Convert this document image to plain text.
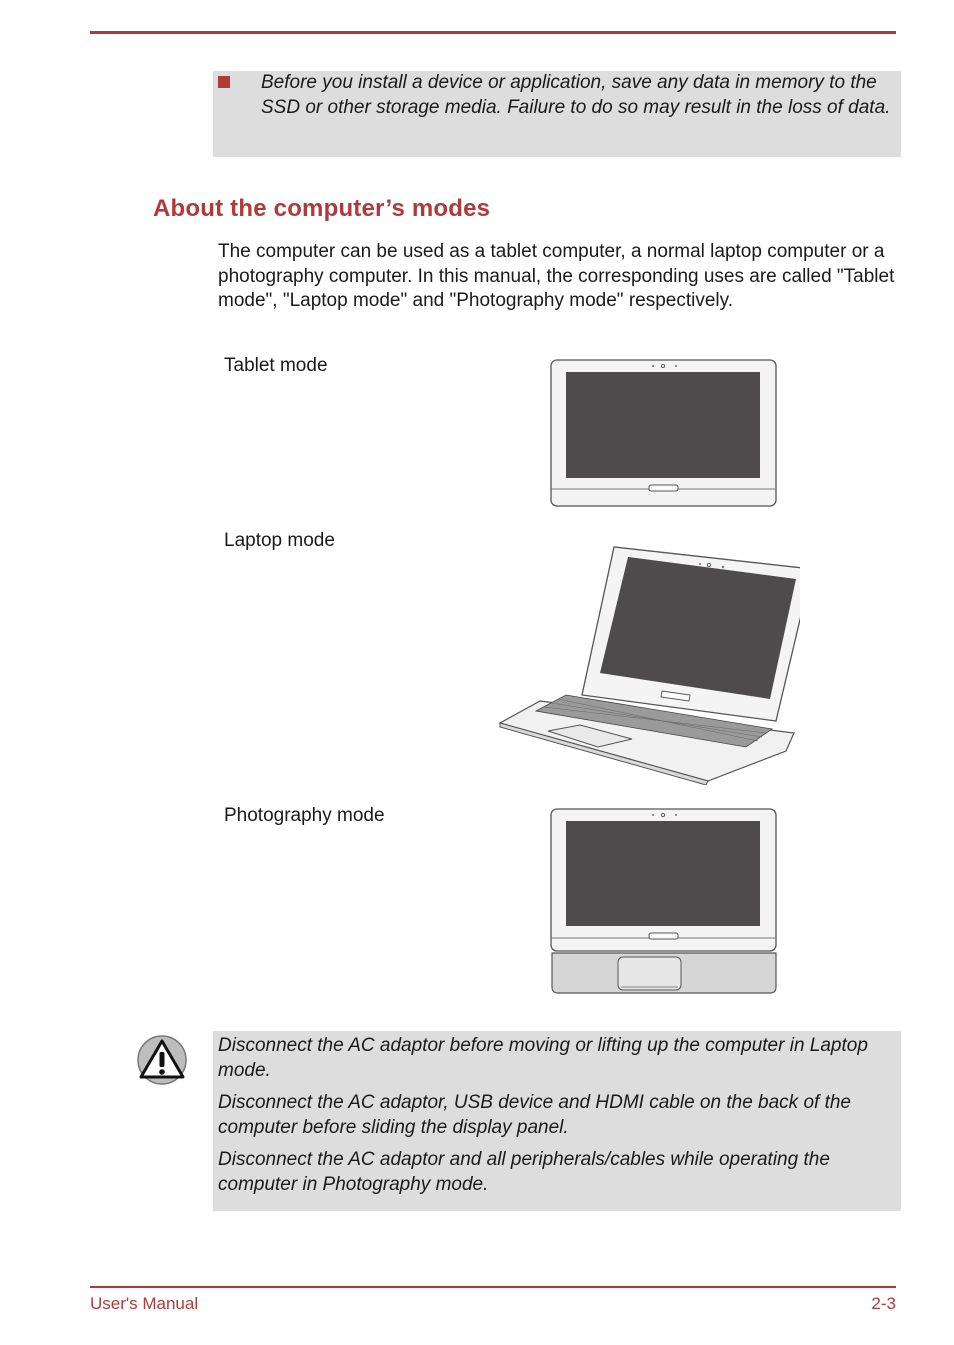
Before you install a device or application, save any data in memory to the SSD or other storage media. Failure to do so may result in the loss of data.
About the computer’s modes

The computer can be used as a tablet computer, a normal laptop computer or a photography computer. In this manual, the corresponding uses are called "Tablet mode", "Laptop mode" and "Photography mode" respectively.

Tablet mode
Laptop mode
Photography mode

Disconnect the AC adaptor before moving or lifting up the computer in Laptop mode.

Disconnect the AC adaptor, USB device and HDMI cable on the back of the computer before sliding the display panel.

Disconnect the AC adaptor and all peripherals/cables while operating the computer in Photography mode.

User's Manual	2-3
